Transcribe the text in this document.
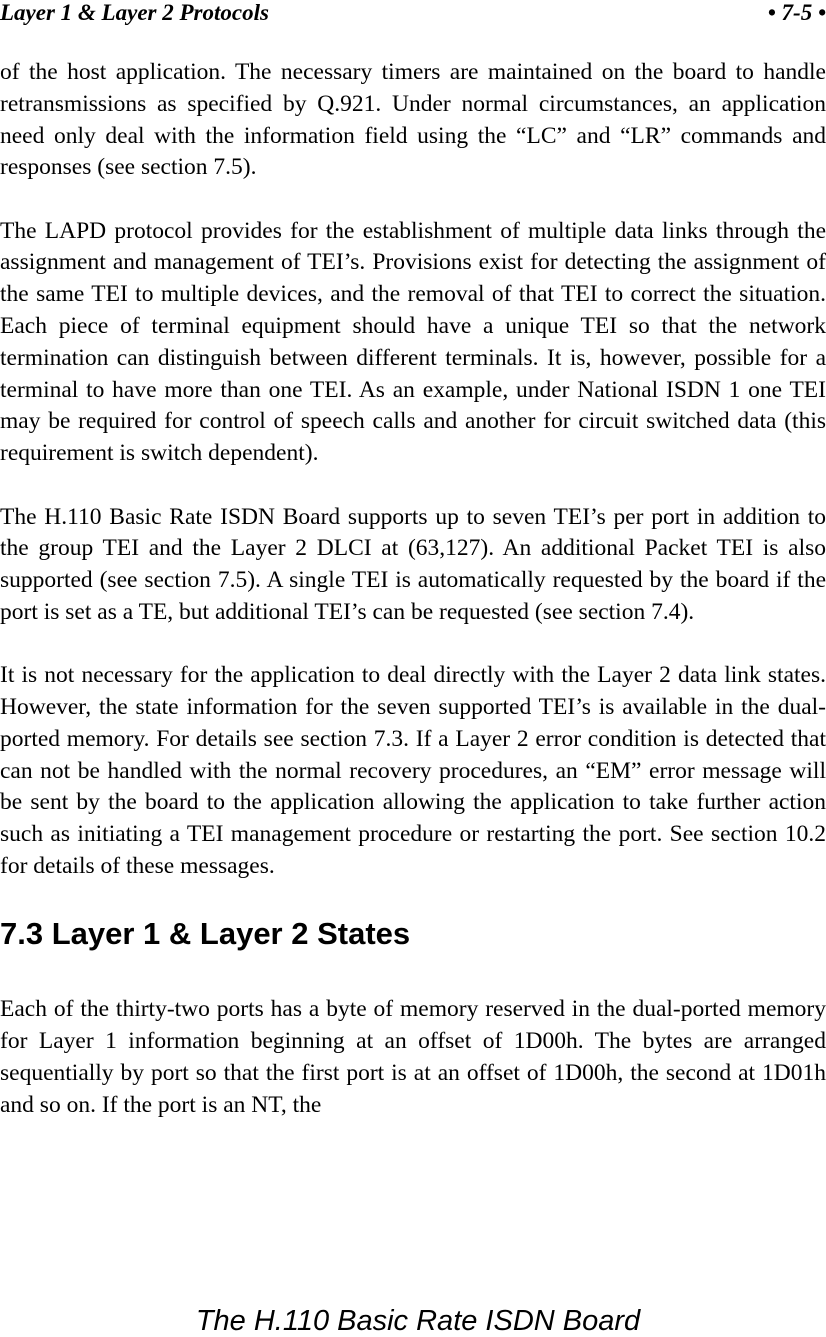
Layer 1 & Layer 2 Protocols	• 7-5 •

of the host application. The necessary timers are maintained on the board to handle retransmissions as specified by Q.921. Under normal circumstances, an application need only deal with the information field using the “LC” and “LR” commands and responses (see section 7.5).

The LAPD protocol provides for the establishment of multiple data links through the assignment and management of TEI’s. Provisions exist for detecting the assignment of the same TEI to multiple devices, and the removal of that TEI to correct the situation. Each piece of terminal equipment should have a unique TEI so that the network termination can distinguish between different terminals. It is, however, possible for a terminal to have more than one TEI. As an example, under National ISDN 1 one TEI may be required for control of speech calls and another for circuit switched data (this requirement is switch dependent).

The H.110 Basic Rate ISDN Board supports up to seven TEI’s per port in addition to the group TEI and the Layer 2 DLCI at (63,127). An additional Packet TEI is also supported (see section 7.5). A single TEI is automatically requested by the board if the port is set as a TE, but additional TEI’s can be requested (see section 7.4).

It is not necessary for the application to deal directly with the Layer 2 data link states. However, the state information for the seven supported TEI’s is available in the dual-ported memory. For details see section 7.3. If a Layer 2 error condition is detected that can not be handled with the normal recovery procedures, an “EM” error message will be sent by the board to the application allowing the application to take further action such as initiating a TEI management procedure or restarting the port. See section 10.2 for details of these messages.

7.3 Layer 1 & Layer 2 States

Each of the thirty-two ports has a byte of memory reserved in the dual-ported memory for Layer 1 information beginning at an offset of 1D00h. The bytes are arranged sequentially by port so that the first port is at an offset of 1D00h, the second at 1D01h and so on. If the port is an NT, the

The H.110 Basic Rate ISDN Board
